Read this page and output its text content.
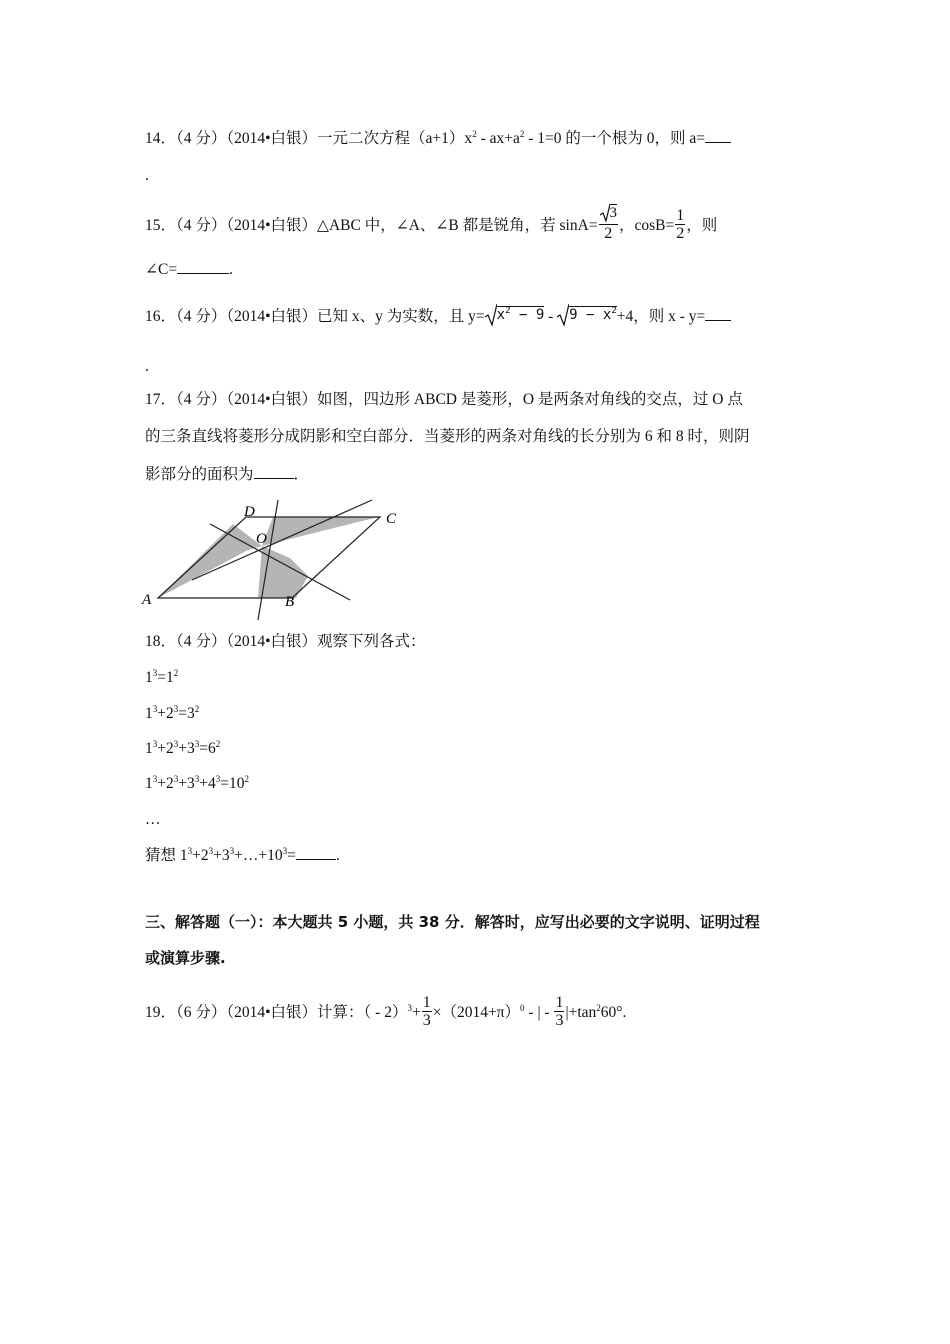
14．（4 分）（2014•白银）一元二次方程$(a+1)x^2 - ax+a^2 - 1=0$ 的一个根为 0，则 a=
.
15．（4 分）（2014•白银）△ABC 中，∠A、∠B 都是锐角，若 $\sin A= \frac{3}{2}$ ，$\cos B= \frac{1}{2}$ ，则
∠C=	.
16．（4 分）（2014•白银）已知 x、y 为实数，且 $y= x^2 - 9 - 9 - x^2+4$，则 x - y=
.
17．（4 分）（2014•白银）如图，四边形 ABCD 是菱形，O 是两条对角线的交点，过 O 点
的三条直线将菱形分成阴影和空白部分．当菱形的两条对角线的长分别为 6 和 8 时，则阴
影部分的面积为	．
A	B
C
D
O
18．（4 分）（2014•白银）观察下列各式：
$1^3=1^2$
$1^3+2^3=3^2$
$1^3+2^3+3^3=6^2$
$1^3+2^3+3^3+4^3=10^2$
…
猜想 $1^3+2^3+3^3+\dots+10^3=$	.
三、解答题（一）：本大题共 5 小题，共 38 分．解答时，应写出必要的文字说明、证明过程
或演算步骤.
19．（6 分）（2014•白银）计算：（ - $2)^3+ \frac{1}{3} \times(2014+\pi)^0$ - | - $\frac{1}{3} |+\tan^260^\circ$.
